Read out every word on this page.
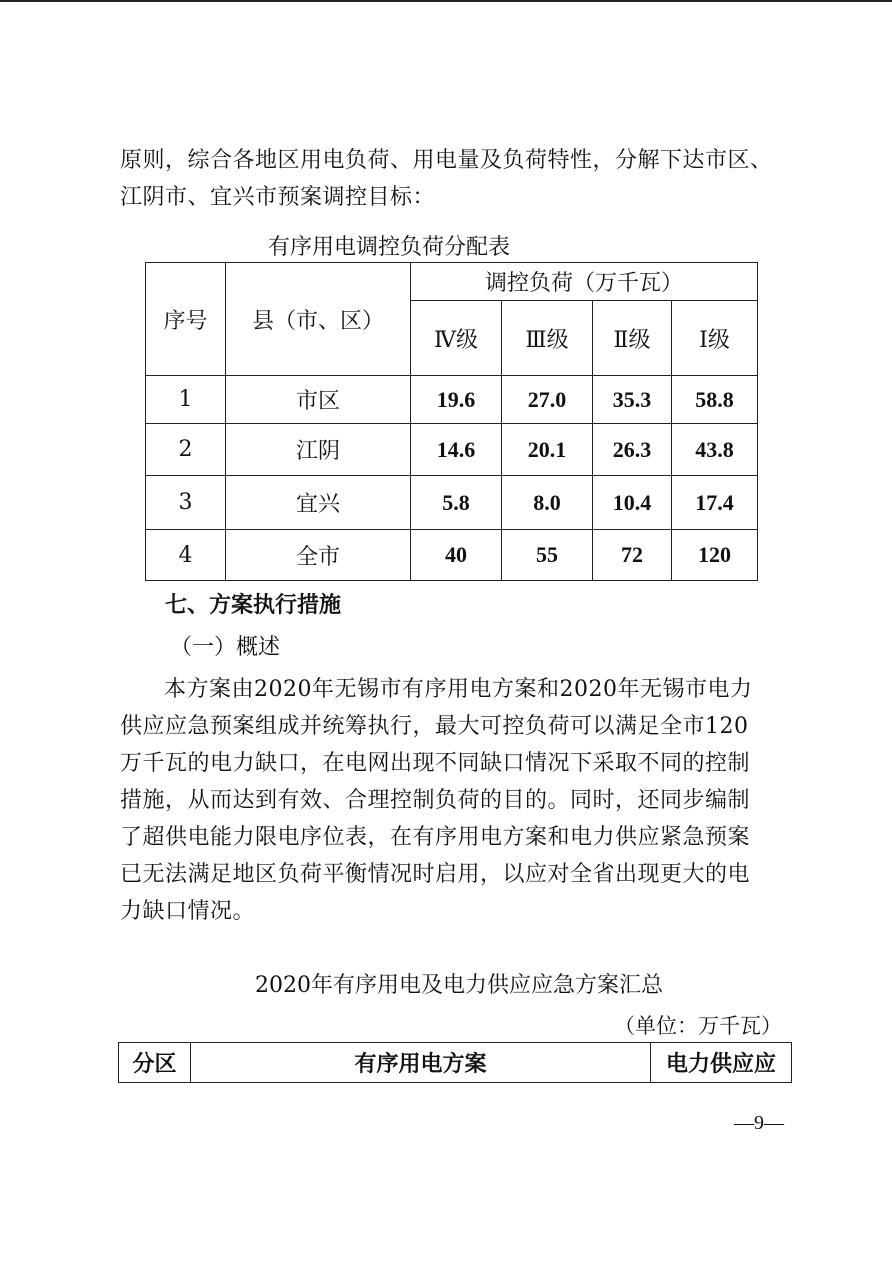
原则，综合各地区用电负荷、用电量及负荷特性，分解下达市区、
江阴市、宜兴市预案调控目标：
有序用电调控负荷分配表
序号	县（市、区）	调控负荷（万千瓦）			
		Ⅳ级	Ⅲ级	Ⅱ级	Ⅰ级
1	市区	19.6	27.0	35.3	58.8
2	江阴	14.6	20.1	26.3	43.8
3	宜兴	5.8	8.0	10.4	17.4
4	全市	40	55	72	120
七、方案执行措施
（一）概述
本方案由2020年无锡市有序用电方案和2020年无锡市电力
供应应急预案组成并统筹执行，最大可控负荷可以满足全市120
万千瓦的电力缺口，在电网出现不同缺口情况下采取不同的控制
措施，从而达到有效、合理控制负荷的目的。同时，还同步编制
了超供电能力限电序位表，在有序用电方案和电力供应紧急预案
已无法满足地区负荷平衡情况时启用，以应对全省出现更大的电
力缺口情况。
2020年有序用电及电力供应应急方案汇总
（单位：万千瓦）
分区	有序用电方案	电力供应应
—9—
